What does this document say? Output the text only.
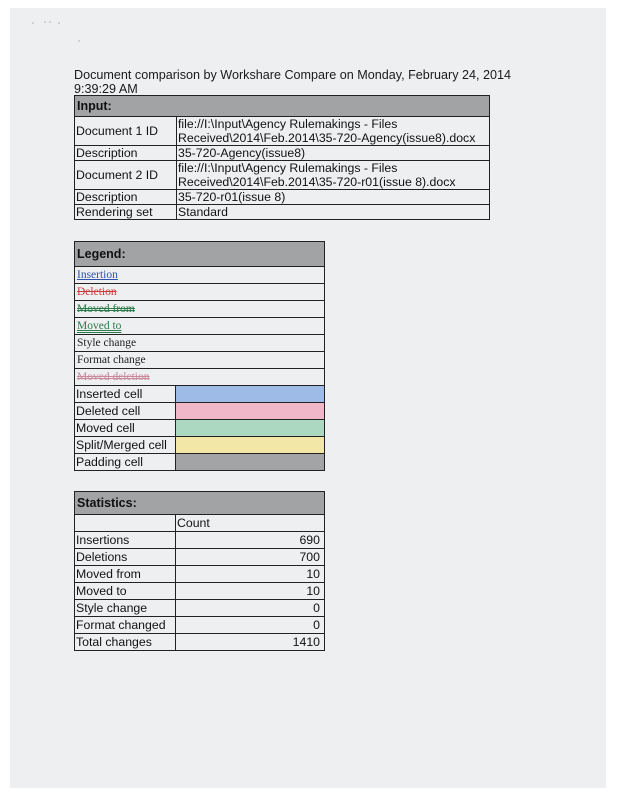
Document comparison by Workshare Compare on Monday, February 24, 2014
9:39:29 AM
Input:	
Document 1 ID	file://I:\Input\Agency Rulemakings - Files
Received\2014\Feb.2014\35-720-Agency(issue8).docx

Description	35-720-Agency(issue8)
Document 2 ID	file://I:\Input\Agency Rulemakings - Files
Received\2014\Feb.2014\35-720-r01(issue 8).docx

Description	35-720-r01(issue 8)
Rendering set	Standard
Legend:	
Insertion	
Deletion	
Moved from	
Moved to	
Style change	
Format change	
Moved deletion	
Inserted cell	
Deleted cell	
Moved cell	
Split/Merged cell	
Padding cell	
Statistics:	
	Count
Insertions	690
Deletions	700
Moved from	10
Moved to	10
Style change	0
Format changed	0
Total changes	1410
